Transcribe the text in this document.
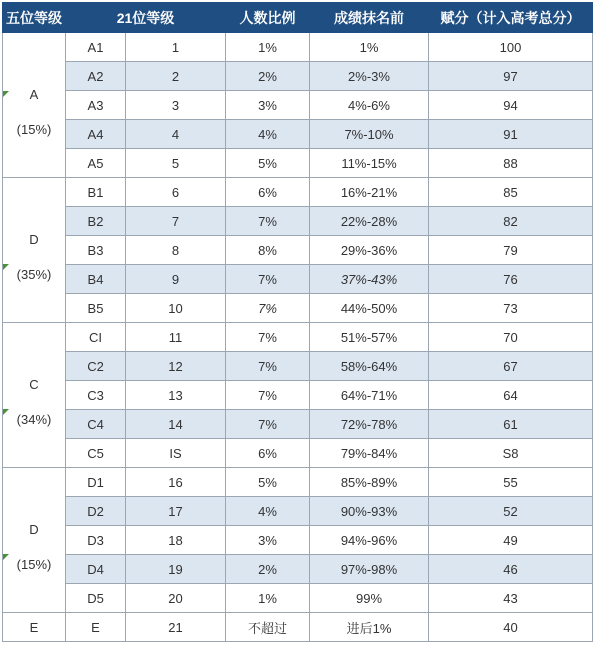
五位等级	21位等级		人数比例	成绩抹名前	赋分（计入高考总分）

A
(15%)	A1	1	1%	1%	100
	A2	2	2%	2%-3%	97
	A3	3	3%	4%-6%	94
	A4	4	4%	7%-10%	91
	A5	5	5%	11%-15%	88

D
(35%)	B1	6	6%	16%-21%	85
	B2	7	7%	22%-28%	82
	B3	8	8%	29%-36%	79
	B4	9	7%	37%-43%	76
	B5	10	7%	44%-50%	73

C
(34%)	CI	11	7%	51%-57%	70
	C2	12	7%	58%-64%	67
	C3	13	7%	64%-71%	64
	C4	14	7%	72%-78%	61
	C5	IS	6%	79%-84%	S8

D
(15%)	D1	16	5%	85%-89%	55
	D2	17	4%	90%-93%	52
	D3	18	3%	94%-96%	49
	D4	19	2%	97%-98%	46
	D5	20	1%	99%	43
E	E	21	不超过	进后1%	40
